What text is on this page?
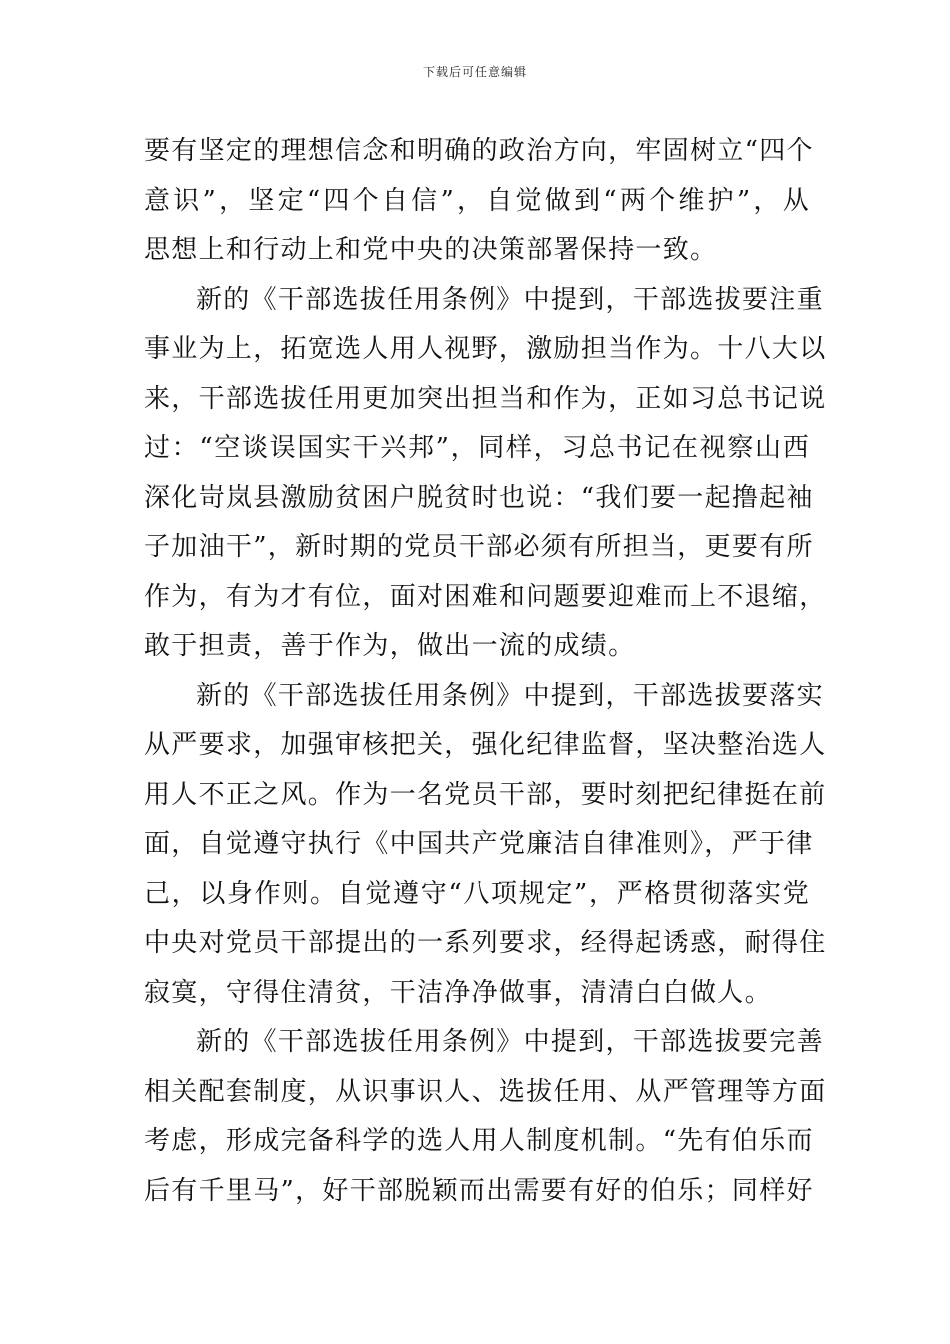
下载后可任意编辑

要有坚定的理想信念和明确的政治方向，牢固树立“四个
意识”，坚定“四个自信”，自觉做到“两个维护”，从
思想上和行动上和党中央的决策部署保持一致。

新的《干部选拔任用条例》中提到，干部选拔要注重
事业为上，拓宽选人用人视野，激励担当作为。十八大以
来，干部选拔任用更加突出担当和作为，正如习总书记说
过：“空谈误国实干兴邦”，同样，习总书记在视察山西
深化岢岚县激励贫困户脱贫时也说：“我们要一起撸起袖
子加油干”，新时期的党员干部必须有所担当，更要有所
作为，有为才有位，面对困难和问题要迎难而上不退缩，
敢于担责，善于作为，做出一流的成绩。

新的《干部选拔任用条例》中提到，干部选拔要落实
从严要求，加强审核把关，强化纪律监督，坚决整治选人
用人不正之风。作为一名党员干部，要时刻把纪律挺在前
面，自觉遵守执行《中国共产党廉洁自律准则》，严于律
己，以身作则。自觉遵守“八项规定”，严格贯彻落实党
中央对党员干部提出的一系列要求，经得起诱惑，耐得住
寂寞，守得住清贫，干洁净净做事，清清白白做人。

新的《干部选拔任用条例》中提到，干部选拔要完善
相关配套制度，从识事识人、选拔任用、从严管理等方面
考虑，形成完备科学的选人用人制度机制。“先有伯乐而
后有千里马”，好干部脱颖而出需要有好的伯乐；同样好
